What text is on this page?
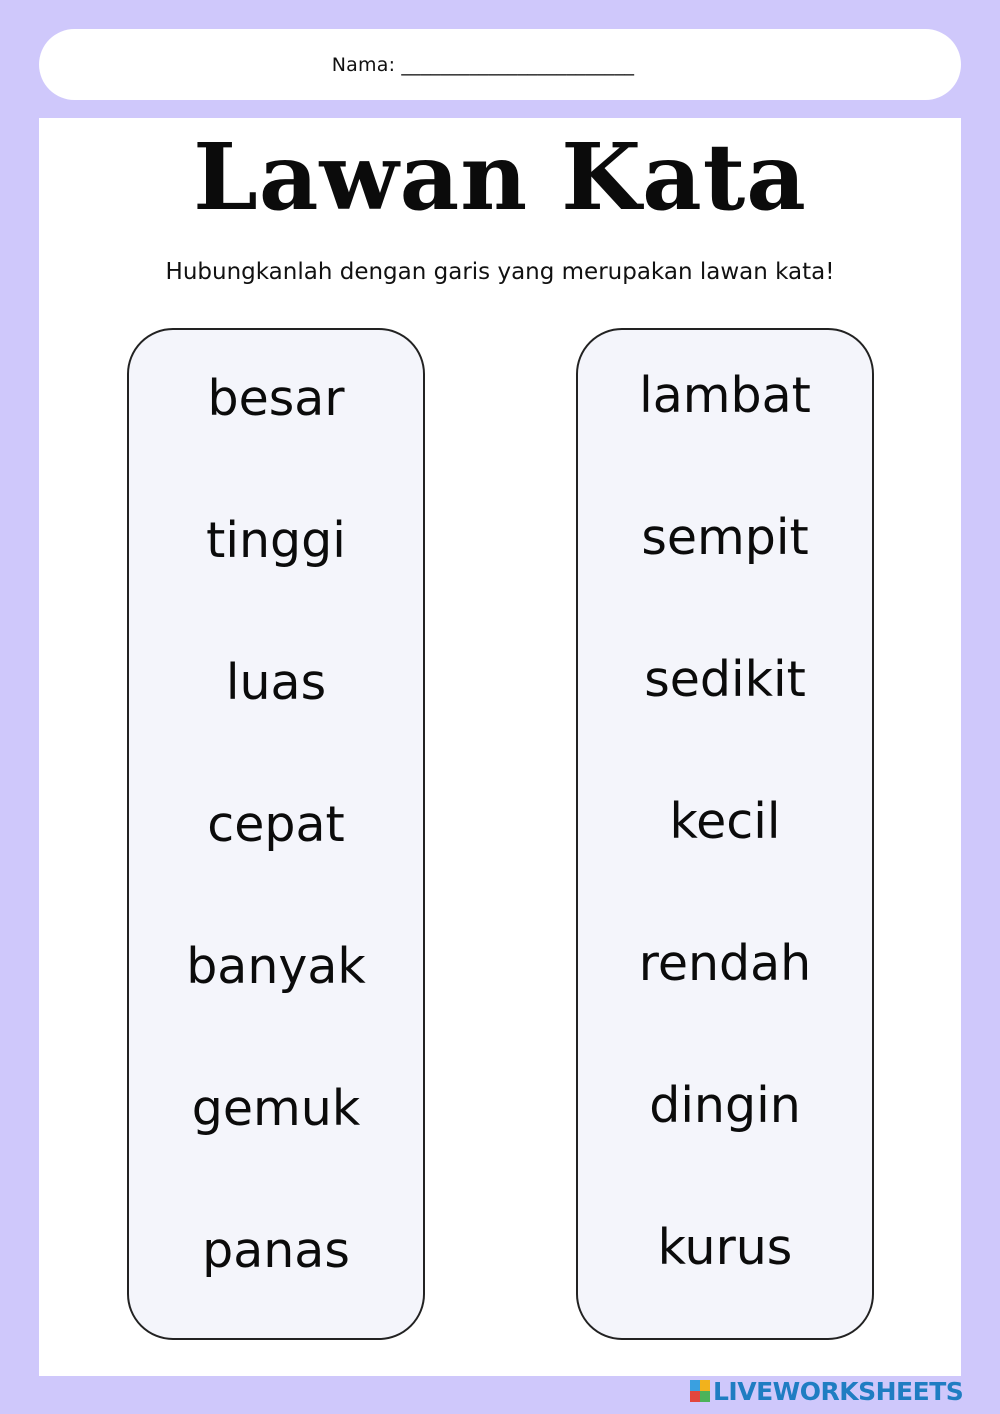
Nama: ________________________
Lawan Kata

Hubungkanlah dengan garis yang merupakan lawan kata!

besar
tinggi
luas
cepat
banyak
gemuk
panas
lambat
sempit
sedikit
kecil
rendah
dingin
kurus
LIVEWORKSHEETS
